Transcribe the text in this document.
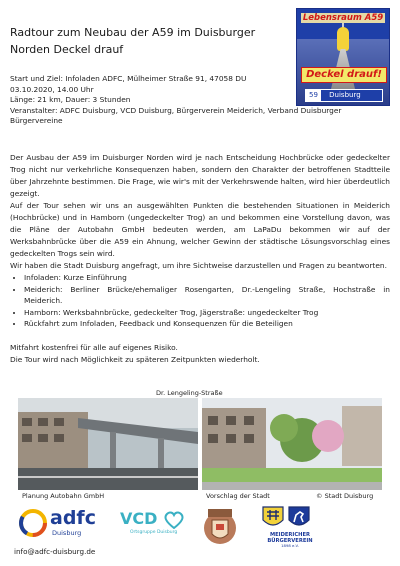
Radtour zum Neubau der A59 im Duisburger Norden Deckel drauf
Lebensraum A59
Deckel drauf!
59 Duisburg
Start und Ziel: Infoladen ADFC, Mülheimer Straße 91, 47058 DU
03.10.2020, 14.00 Uhr
Länge: 21 km, Dauer: 3 Stunden
Veranstalter: ADFC Duisburg, VCD Duisburg, Bürgerverein Meiderich, Verband Duisburger Bürgervereine

Der Ausbau der A59 im Duisburger Norden wird je nach Entscheidung Hochbrücke oder gedeckelter Trog nicht nur verkehrliche Konsequenzen haben, sondern den Charakter der betroffenen Stadtteile über Jahrzehnte bestimmen. Die Frage, wie wir's mit der Verkehrswende halten, wird hier überdeutlich gezeigt.

Auf der Tour sehen wir uns an ausgewählten Punkten die bestehenden Situationen in Meiderich (Hochbrücke) und in Hamborn (ungedeckelter Trog) an und bekommen eine Vorstellung davon, was die Pläne der Autobahn GmbH bedeuten werden, am LaPaDu bekommen wir auf der Werksbahnbrücke über die A59 ein Ahnung, welcher Gewinn der städtische Lösungsvorschlag eines gedeckelten Trogs sein wird.

Wir haben die Stadt Duisburg angefragt, um ihre Sichtweise darzustellen und Fragen zu beantworten.

• Infoladen: Kurze Einführung
• Meiderich: Berliner Brücke/ehemaliger Rosengarten, Dr.-Lengeling Straße, Hochstraße in Meiderich.
• Hamborn: Werksbahnbrücke, gedeckelter Trog, Jägerstraße: ungedeckelter Trog
• Rückfahrt zum Infoladen, Feedback und Konsequenzen für die Beteiligen

Mitfahrt kostenfrei für alle auf eigenes Risiko.

Die Tour wird nach Möglichkeit zu späteren Zeitpunkten wiederholt.

Dr. Lengeling-Straße
Planung Autobahn GmbH	Vorschlag der Stadt	© Stadt Duisburg
adfc
Duisburg
VCD
Ortsgruppe Duisburg	MEIDERICHER
BÜRGERVEREIN
1898 e.V.
info@adfc-duisburg.de
